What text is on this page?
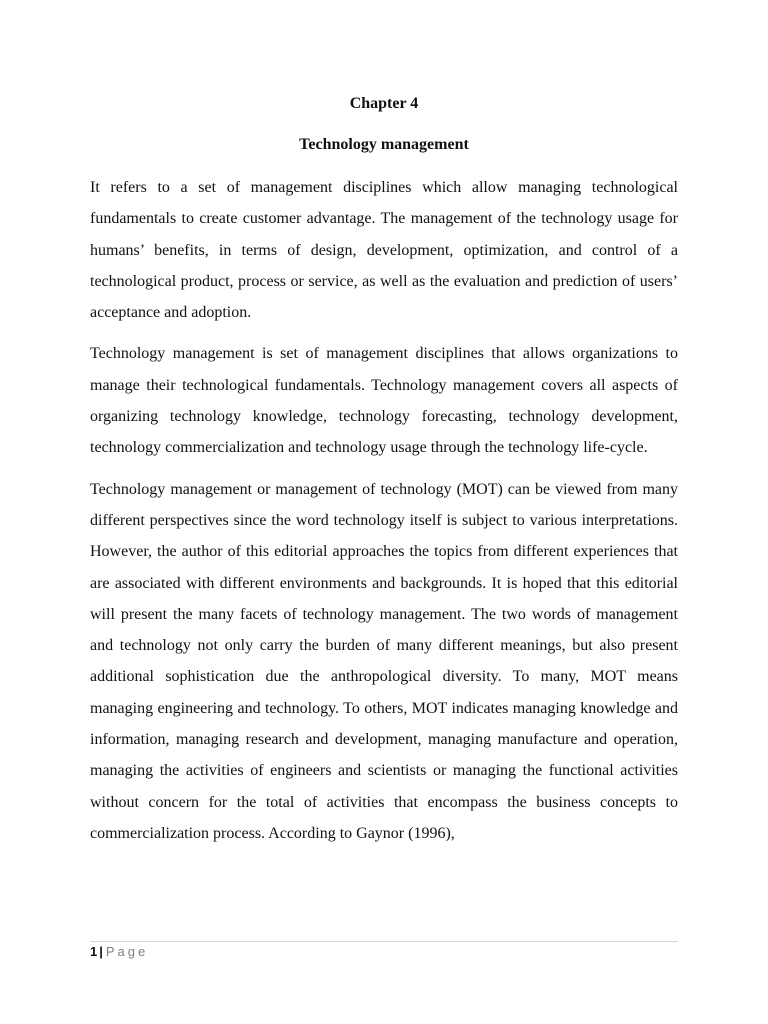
Chapter 4
Technology management

It refers to a set of management disciplines which allow managing technological fundamentals to create customer advantage. The management of the technology usage for humans’ benefits, in terms of design, development, optimization, and control of a technological product, process or service, as well as the evaluation and prediction of users’ acceptance and adoption.

Technology management is set of management disciplines that allows organizations to manage their technological fundamentals. Technology management covers all aspects of organizing technology knowledge, technology forecasting, technology development, technology commercialization and technology usage through the technology life-cycle.

Technology management or management of technology (MOT) can be viewed from many different perspectives since the word technology itself is subject to various interpretations. However, the author of this editorial approaches the topics from different experiences that are associated with different environments and backgrounds. It is hoped that this editorial will present the many facets of technology management. The two words of management and technology not only carry the burden of many different meanings, but also present additional sophistication due the anthropological diversity. To many, MOT means managing engineering and technology. To others, MOT indicates managing knowledge and information, managing research and development, managing manufacture and operation, managing the activities of engineers and scientists or managing the functional activities without concern for the total of activities that encompass the business concepts to commercialization process. According to Gaynor (1996),

1 | Page
